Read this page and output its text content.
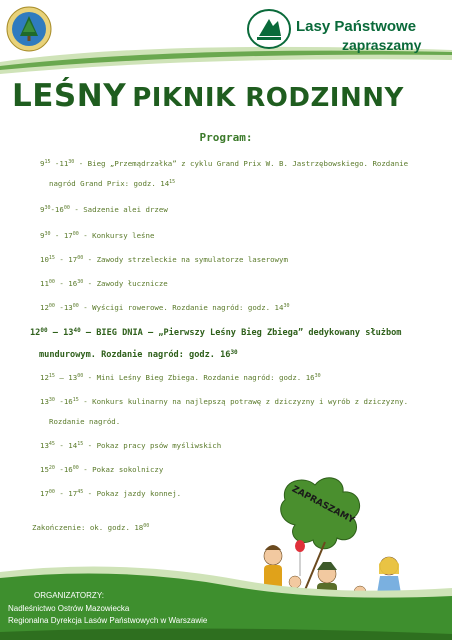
Lasy Państwowe
zapraszamy
LEŚNY PIKNIK RODZINNY
Program:
$9^{15}$ $-11^{30}$ - Bieg „Przemądrzałka” z cyklu Grand Prix W. B. Jastrzębowskiego. Rozdanie
nagród Grand Prix: godz. $14^{15}$
$9^{30}-16^{00}$ - Sadzenie alei drzew
$9^{30} - 17^{00}$ - Konkursy leśne
$10^{15} - 17^{00}$ - Zawody strzeleckie na symulatorze laserowym
$11^{00} - 16^{30}$ - Zawody łucznicze
$12^{00}$ $-13^{00}$ - Wyścigi rowerowe. Rozdanie nagród: godz. $14^{30}$
$12^{00} - 13^{40}$ – BIEG DNIA – „Pierwszy Leśny Bieg Zbiega” dedykowany służbom
mundurowym. Rozdanie nagród: godz. $16^{30}$
$12^{15} - 13^{00}$ - Mini Leśny Bieg Zbiega. Rozdanie nagród: godz. $16^{30}$
$13^{30}$ $-16^{15}$ - Konkurs kulinarny na najlepszą potrawę z dziczyzny i wyrób z dziczyzny.
Rozdanie nagród.
$13^{45} - 14^{15}$ - Pokaz pracy psów myśliwskich
$15^{20}$ $-16^{00}$ - Pokaz sokolniczy
$17^{00} - 17^{45}$ - Pokaz jazdy konnej.
Zakończenie: ok. godz. $18^{00}$
ZAPRASZAMY
ORGANIZATORZY:
Nadleśnictwo Ostrów Mazowiecka
Regionalna Dyrekcja Lasów Państwowych w Warszawie
